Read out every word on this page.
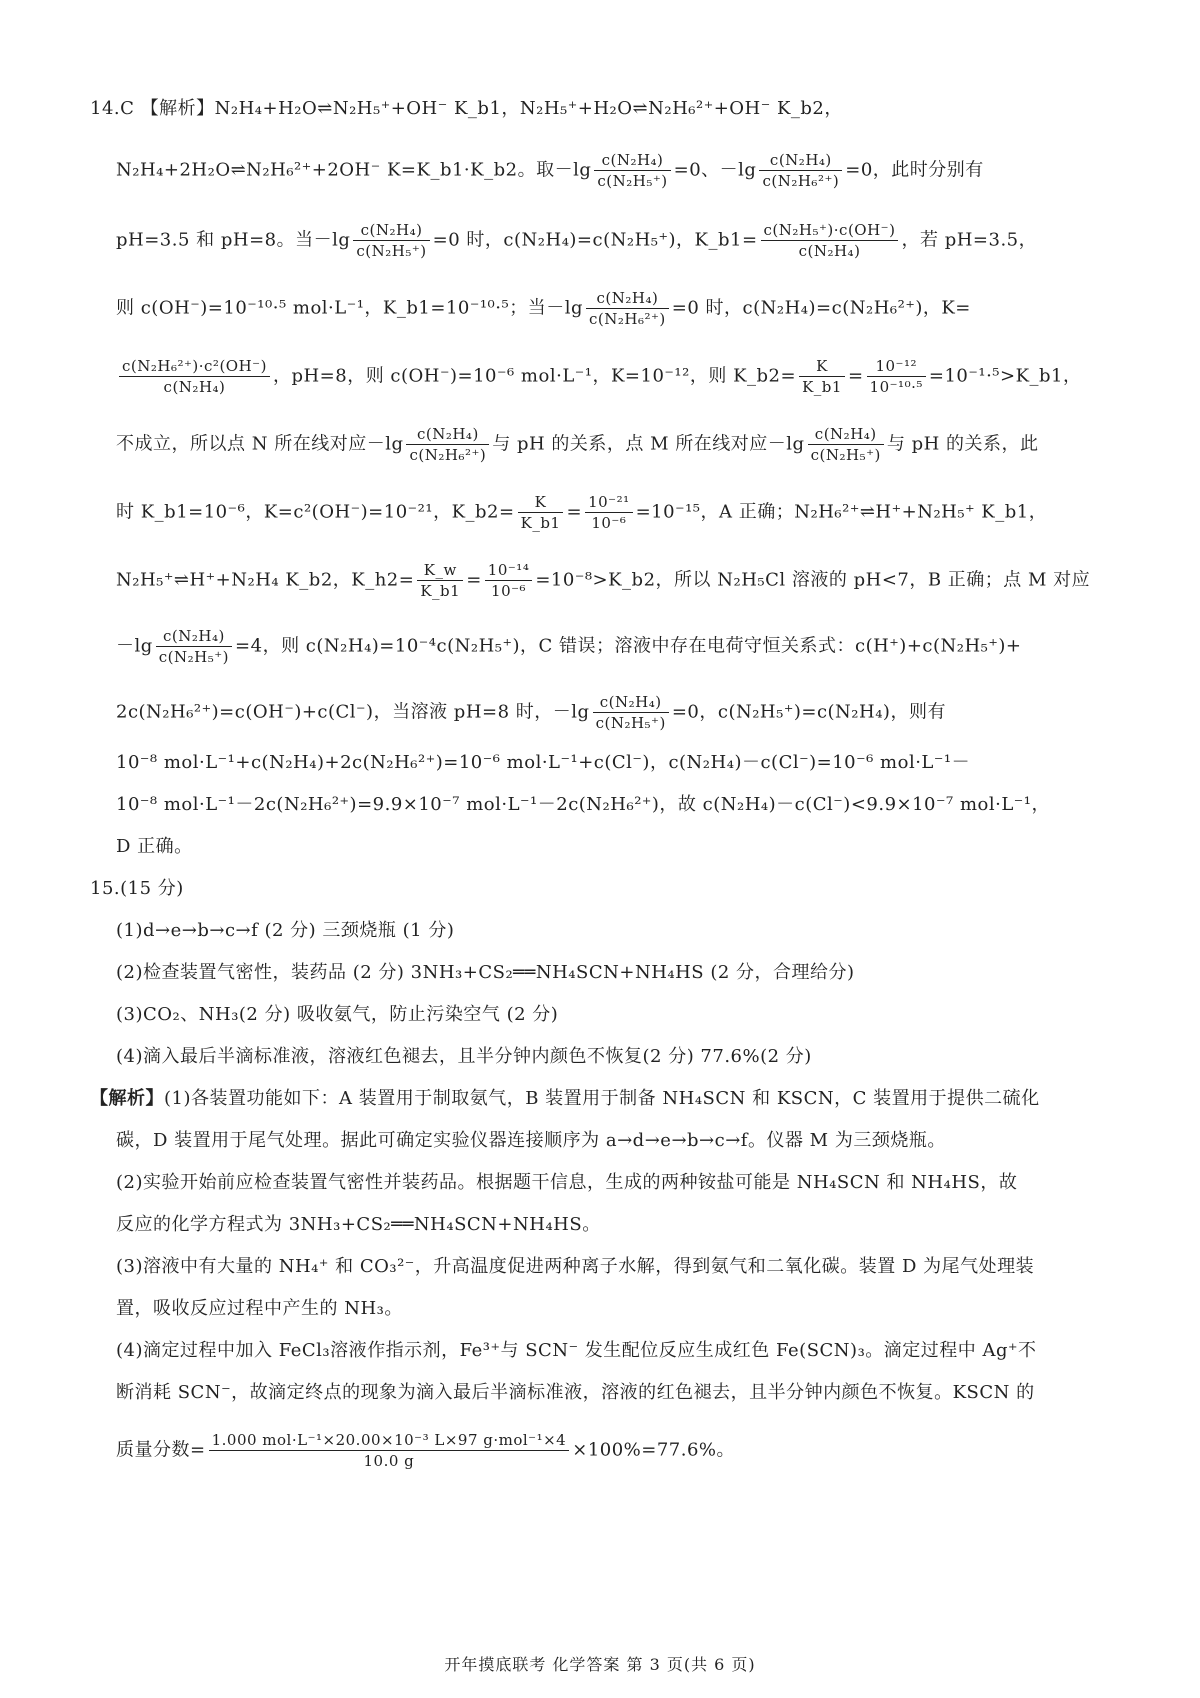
14.C 【解析】N₂H₄+H₂O⇌N₂H₅⁺+OH⁻ K_b1，N₂H₅⁺+H₂O⇌N₂H₆²⁺+OH⁻ K_b2，
N₂H₄+2H₂O⇌N₂H₆²⁺+2OH⁻ K=K_b1·K_b2。取$-\lg \frac{\text{c(N₂H₄)}}{\text{c(N₂H₅⁺)}} =0$、$-\lg \frac{\text{c(N₂H₄)}}{\text{c(N₂H₆²⁺)}} =0$，此时分别有
pH=3.5 和 pH=8。当$-\lg \frac{\text{c(N₂H₄)}}{\text{c(N₂H₅⁺)}} =0$ 时，c(N₂H₄)=c(N₂H₅⁺)，K_b1= $\frac{\text{c(N₂H₅⁺)·c(OH⁻)}}{\text{c(N₂H₄)}}$ ，若 pH=3.5，
则 c(OH⁻)=10⁻¹⁰·⁵ mol·L⁻¹，K_b1=10⁻¹⁰·⁵；当$-\lg \frac{\text{c(N₂H₄)}}{\text{c(N₂H₆²⁺)}} =0$ 时，c(N₂H₄)=c(N₂H₆²⁺)，K=
$\frac{\text{c(N₂H₆²⁺)·c²(OH⁻)}}{\text{c(N₂H₄)}}$ ，pH=8，则 c(OH⁻)=10⁻⁶ mol·L⁻¹，K=10⁻¹²，则 K_b2= $\frac{K}{K\_b1} = \frac{\text{10⁻¹²}}{\text{10⁻¹⁰·⁵}}$ =10⁻¹·⁵>K_b1，
不成立，所以点 N 所在线对应$-\lg \frac{\text{c(N₂H₄)}}{\text{c(N₂H₆²⁺)}}$ 与 pH 的关系，点 M 所在线对应$-\lg \frac{\text{c(N₂H₄)}}{\text{c(N₂H₅⁺)}}$ 与 pH 的关系，此
时 K_b1=10⁻⁶，K=c²(OH⁻)=10⁻²¹，K_b2= $\frac{K}{K\_b1} = \frac{\text{10⁻²¹}}{\text{10⁻⁶}} =10^{-15}$，A 正确；N₂H₆²⁺⇌H⁺+N₂H₅⁺ K_b1，
N₂H₅⁺⇌H⁺+N₂H₄ K_b2，K_h2= $\frac{K\_w}{K\_b1} = \frac{\text{10⁻¹⁴}}{\text{10⁻⁶}}$ =10⁻⁸>K_b2，所以 N₂H₅Cl 溶液的 pH<7，B 正确；点 M 对应
$-\lg \frac{\text{c(N₂H₄)}}{\text{c(N₂H₅⁺)}} =4$，则 c(N₂H₄)=10⁻⁴c(N₂H₅⁺)，C 错误；溶液中存在电荷守恒关系式：c(H⁺)+c(N₂H₅⁺)+
2c(N₂H₆²⁺)=c(OH⁻)+c(Cl⁻)，当溶液 pH=8 时，$-\lg \frac{\text{c(N₂H₄)}}{\text{c(N₂H₅⁺)}} =0$，c(N₂H₅⁺)=c(N₂H₄)，则有
10⁻⁸ mol·L⁻¹+c(N₂H₄)+2c(N₂H₆²⁺)=10⁻⁶ mol·L⁻¹+c(Cl⁻)，c(N₂H₄)－c(Cl⁻)=10⁻⁶ mol·L⁻¹－
10⁻⁸ mol·L⁻¹－2c(N₂H₆²⁺)=9.9×10⁻⁷ mol·L⁻¹－2c(N₂H₆²⁺)，故 c(N₂H₄)－c(Cl⁻)<9.9×10⁻⁷ mol·L⁻¹，
D 正确。
15.(15 分)
(1)d→e→b→c→f (2 分) 三颈烧瓶 (1 分)
(2)检查装置气密性，装药品 (2 分) 3NH₃+CS₂══NH₄SCN+NH₄HS (2 分，合理给分)
(3)CO₂、NH₃(2 分) 吸收氨气，防止污染空气 (2 分)
(4)滴入最后半滴标准液，溶液红色褪去，且半分钟内颜色不恢复(2 分) 77.6%(2 分)
【解析】(1)各装置功能如下：A 装置用于制取氨气，B 装置用于制备 NH₄SCN 和 KSCN，C 装置用于提供二硫化
碳，D 装置用于尾气处理。据此可确定实验仪器连接顺序为 a→d→e→b→c→f。仪器 M 为三颈烧瓶。
(2)实验开始前应检查装置气密性并装药品。根据题干信息，生成的两种铵盐可能是 NH₄SCN 和 NH₄HS，故
反应的化学方程式为 3NH₃+CS₂══NH₄SCN+NH₄HS。
(3)溶液中有大量的 NH₄⁺ 和 CO₃²⁻，升高温度促进两种离子水解，得到氨气和二氧化碳。装置 D 为尾气处理装
置，吸收反应过程中产生的 NH₃。
(4)滴定过程中加入 FeCl₃溶液作指示剂，Fe³⁺与 SCN⁻ 发生配位反应生成红色 Fe(SCN)₃。滴定过程中 Ag⁺不
断消耗 SCN⁻，故滴定终点的现象为滴入最后半滴标准液，溶液的红色褪去，且半分钟内颜色不恢复。KSCN 的
质量分数= $\frac{\text{1.000 mol·L⁻¹×20.00×10⁻³ L×97 g·mol⁻¹×4}}{10.0 g} \times 100\%=77.6\%$。
开年摸底联考 化学答案 第 3 页(共 6 页)
